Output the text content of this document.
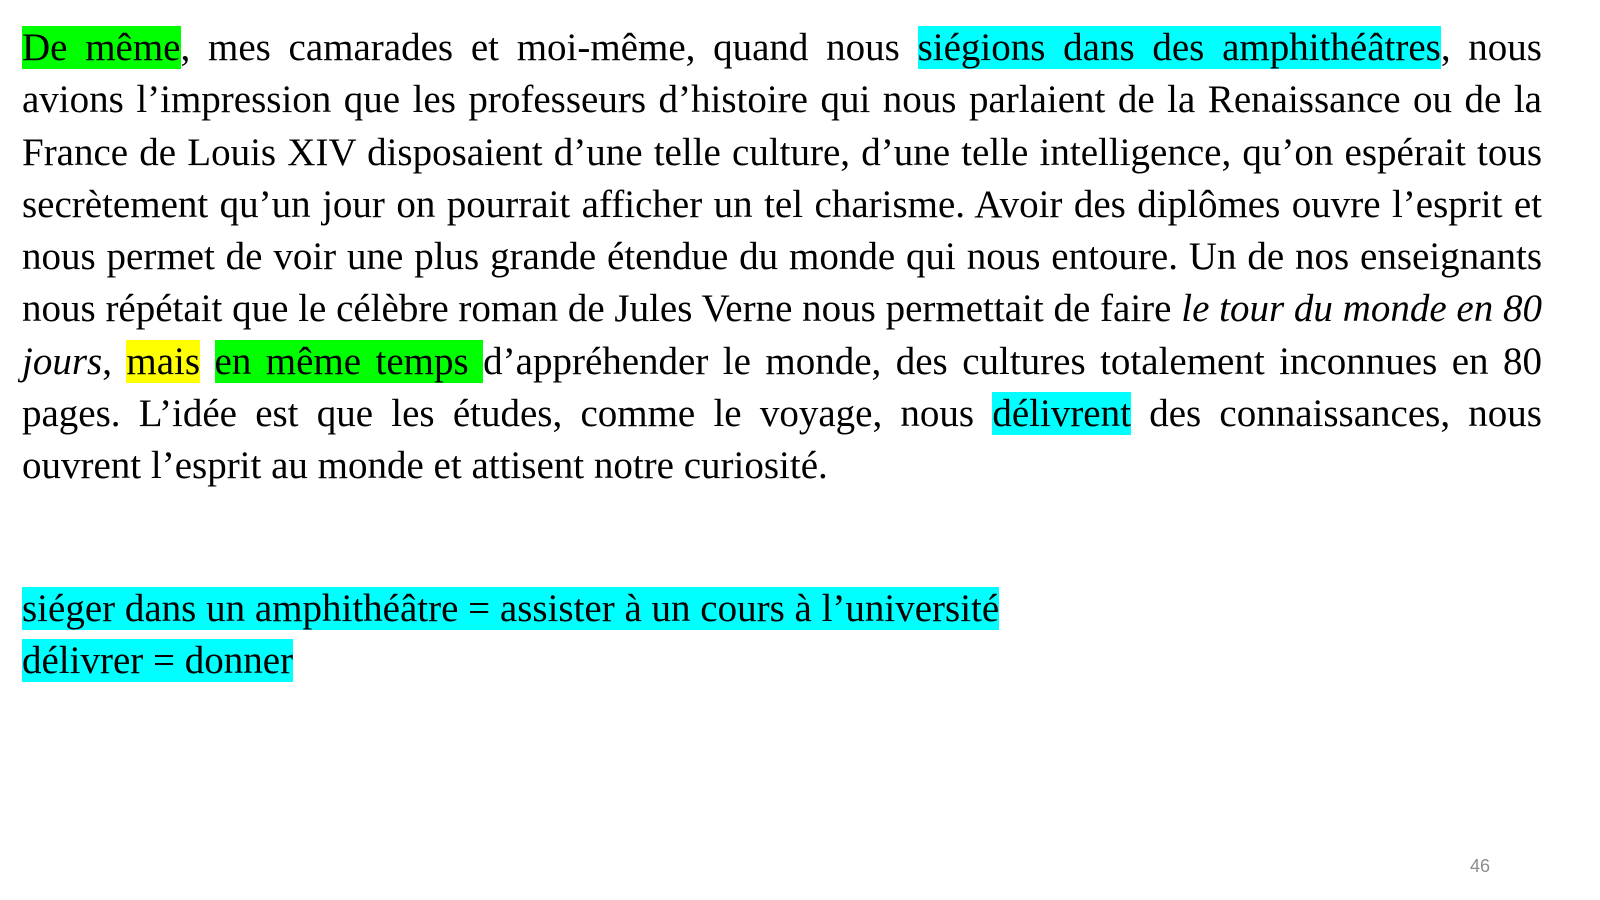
De même, mes camarades et moi-même, quand nous siégions dans des amphithéâtres, nous avions l’impression que les professeurs d’histoire qui nous parlaient de la Renaissance ou de la France de Louis XIV disposaient d’une telle culture, d’une telle intelligence, qu’on espérait tous secrètement qu’un jour on pourrait afficher un tel charisme. Avoir des diplômes ouvre l’esprit et nous permet de voir une plus grande étendue du monde qui nous entoure. Un de nos enseignants nous répétait que le célèbre roman de Jules Verne nous permettait de faire le tour du monde en 80 jours, mais en même temps d’appréhender le monde, des cultures totalement inconnues en 80 pages. L’idée est que les études, comme le voyage, nous délivrent des connaissances, nous ouvrent l’esprit au monde et attisent notre curiosité.

siéger dans un amphithéâtre = assister à un cours à l’université
délivrer = donner
46
